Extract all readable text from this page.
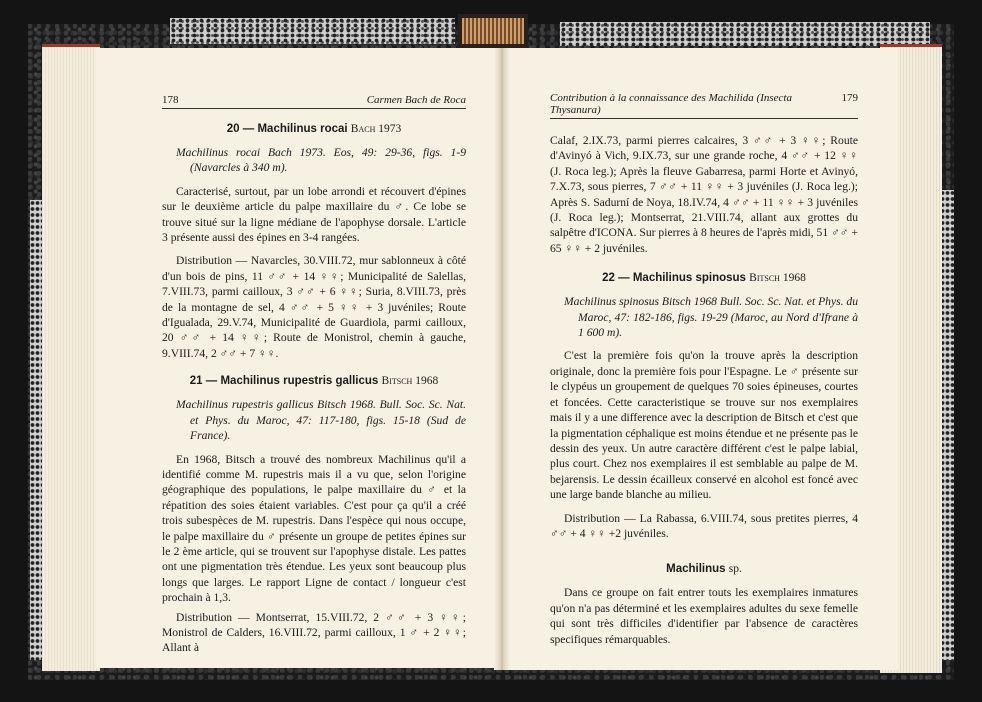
178	Carmen Bach de Roca
20 — Machilinus rocai Bach 1973

Machilinus rocai Bach 1973. Eos, 49: 29-36, figs. 1-9 (Navarcles à 340 m).

Caracterisé, surtout, par un lobe arrondi et récouvert d'épines sur le deuxième article du palpe maxillaire du ♂. Ce lobe se trouve situé sur la ligne médiane de l'apophyse dorsale. L'article 3 présente aussi des épines en 3-4 rangées.

Distribution — Navarcles, 30.VIII.72, mur sablonneux à côté d'un bois de pins, 11 ♂♂ + 14 ♀♀; Municipalité de Salellas, 7.VIII.73, parmi cailloux, 3 ♂♂ + 6 ♀♀; Suria, 8.VIII.73, près de la montagne de sel, 4 ♂♂ + 5 ♀♀ + 3 juvéniles; Route d'Igualada, 29.V.74, Municipalité de Guardiola, parmi cailloux, 20 ♂♂ + 14 ♀♀; Route de Monistrol, chemin à gauche, 9.VIII.74, 2 ♂♂ + 7 ♀♀.

21 — Machilinus rupestris gallicus Bitsch 1968

Machilinus rupestris gallicus Bitsch 1968. Bull. Soc. Sc. Nat. et Phys. du Maroc, 47: 117-180, figs. 15-18 (Sud de France).

En 1968, Bitsch a trouvé des nombreux Machilinus qu'il a identifié comme M. rupestris mais il a vu que, selon l'origine géographique des populations, le palpe maxillaire du ♂ et la répatition des soies étaient variables. C'est pour ça qu'il a créé trois subespèces de M. rupestris. Dans l'espèce qui nous occupe, le palpe maxillaire du ♂ présente un groupe de petites épines sur le 2 ème article, qui se trouvent sur l'apophyse distale. Les pattes ont une pigmentation très étendue. Les yeux sont beaucoup plus longs que larges. Le rapport Ligne de contact / longueur c'est prochain à 1,3.

Distribution — Montserrat, 15.VIII.72, 2 ♂♂ + 3 ♀♀; Monistrol de Calders, 16.VIII.72, parmi cailloux, 1 ♂ + 2 ♀♀; Allant à

Contribution à la connaissance des Machilida (Insecta Thysanura)
179

Calaf, 2.IX.73, parmi pierres calcaires, 3 ♂♂ + 3 ♀♀; Route d'Avinyó à Vich, 9.IX.73, sur une grande roche, 4 ♂♂ + 12 ♀♀ (J. Roca leg.); Après la fleuve Gabarresa, parmi Horte et Avinyó, 7.X.73, sous pierres, 7 ♂♂ + 11 ♀♀ + 3 juvéniles (J. Roca leg.); Après S. Sadurní de Noya, 18.IV.74, 4 ♂♂ + 11 ♀♀ + 3 juvéniles (J. Roca leg.); Montserrat, 21.VIII.74, allant aux grottes du salpêtre d'ICONA. Sur pierres à 8 heures de l'après midi, 51 ♂♂ + 65 ♀♀ + 2 juvéniles.

22 — Machilinus spinosus Bitsch 1968

Machilinus spinosus Bitsch 1968 Bull. Soc. Sc. Nat. et Phys. du Maroc, 47: 182-186, figs. 19-29 (Maroc, au Nord d'Ifrane à 1 600 m).

C'est la première fois qu'on la trouve après la description originale, donc la première fois pour l'Espagne. Le ♂ présente sur le clypéus un groupement de quelques 70 soies épineuses, courtes et foncées. Cette caracteristique se trouve sur nos exemplaires mais il y a une difference avec la description de Bitsch et c'est que la pigmentation céphalique est moins étendue et ne présente pas le dessin des yeux. Un autre caractère différent c'est le palpe labial, plus court. Chez nos exemplaires il est semblable au palpe de M. bejarensis. Le dessin écailleux conservé en alcohol est foncé avec une large bande blanche au milieu.

Distribution — La Rabassa, 6.VIII.74, sous pretites pierres, 4 ♂♂ + 4 ♀♀ +2 juvéniles.

Machilinus sp.

Dans ce groupe on fait entrer touts les exemplaires inmatures qu'on n'a pas déterminé et les exemplaires adultes du sexe femelle qui sont très difficiles d'identifier par l'absence de caractères specifiques rémarquables.
